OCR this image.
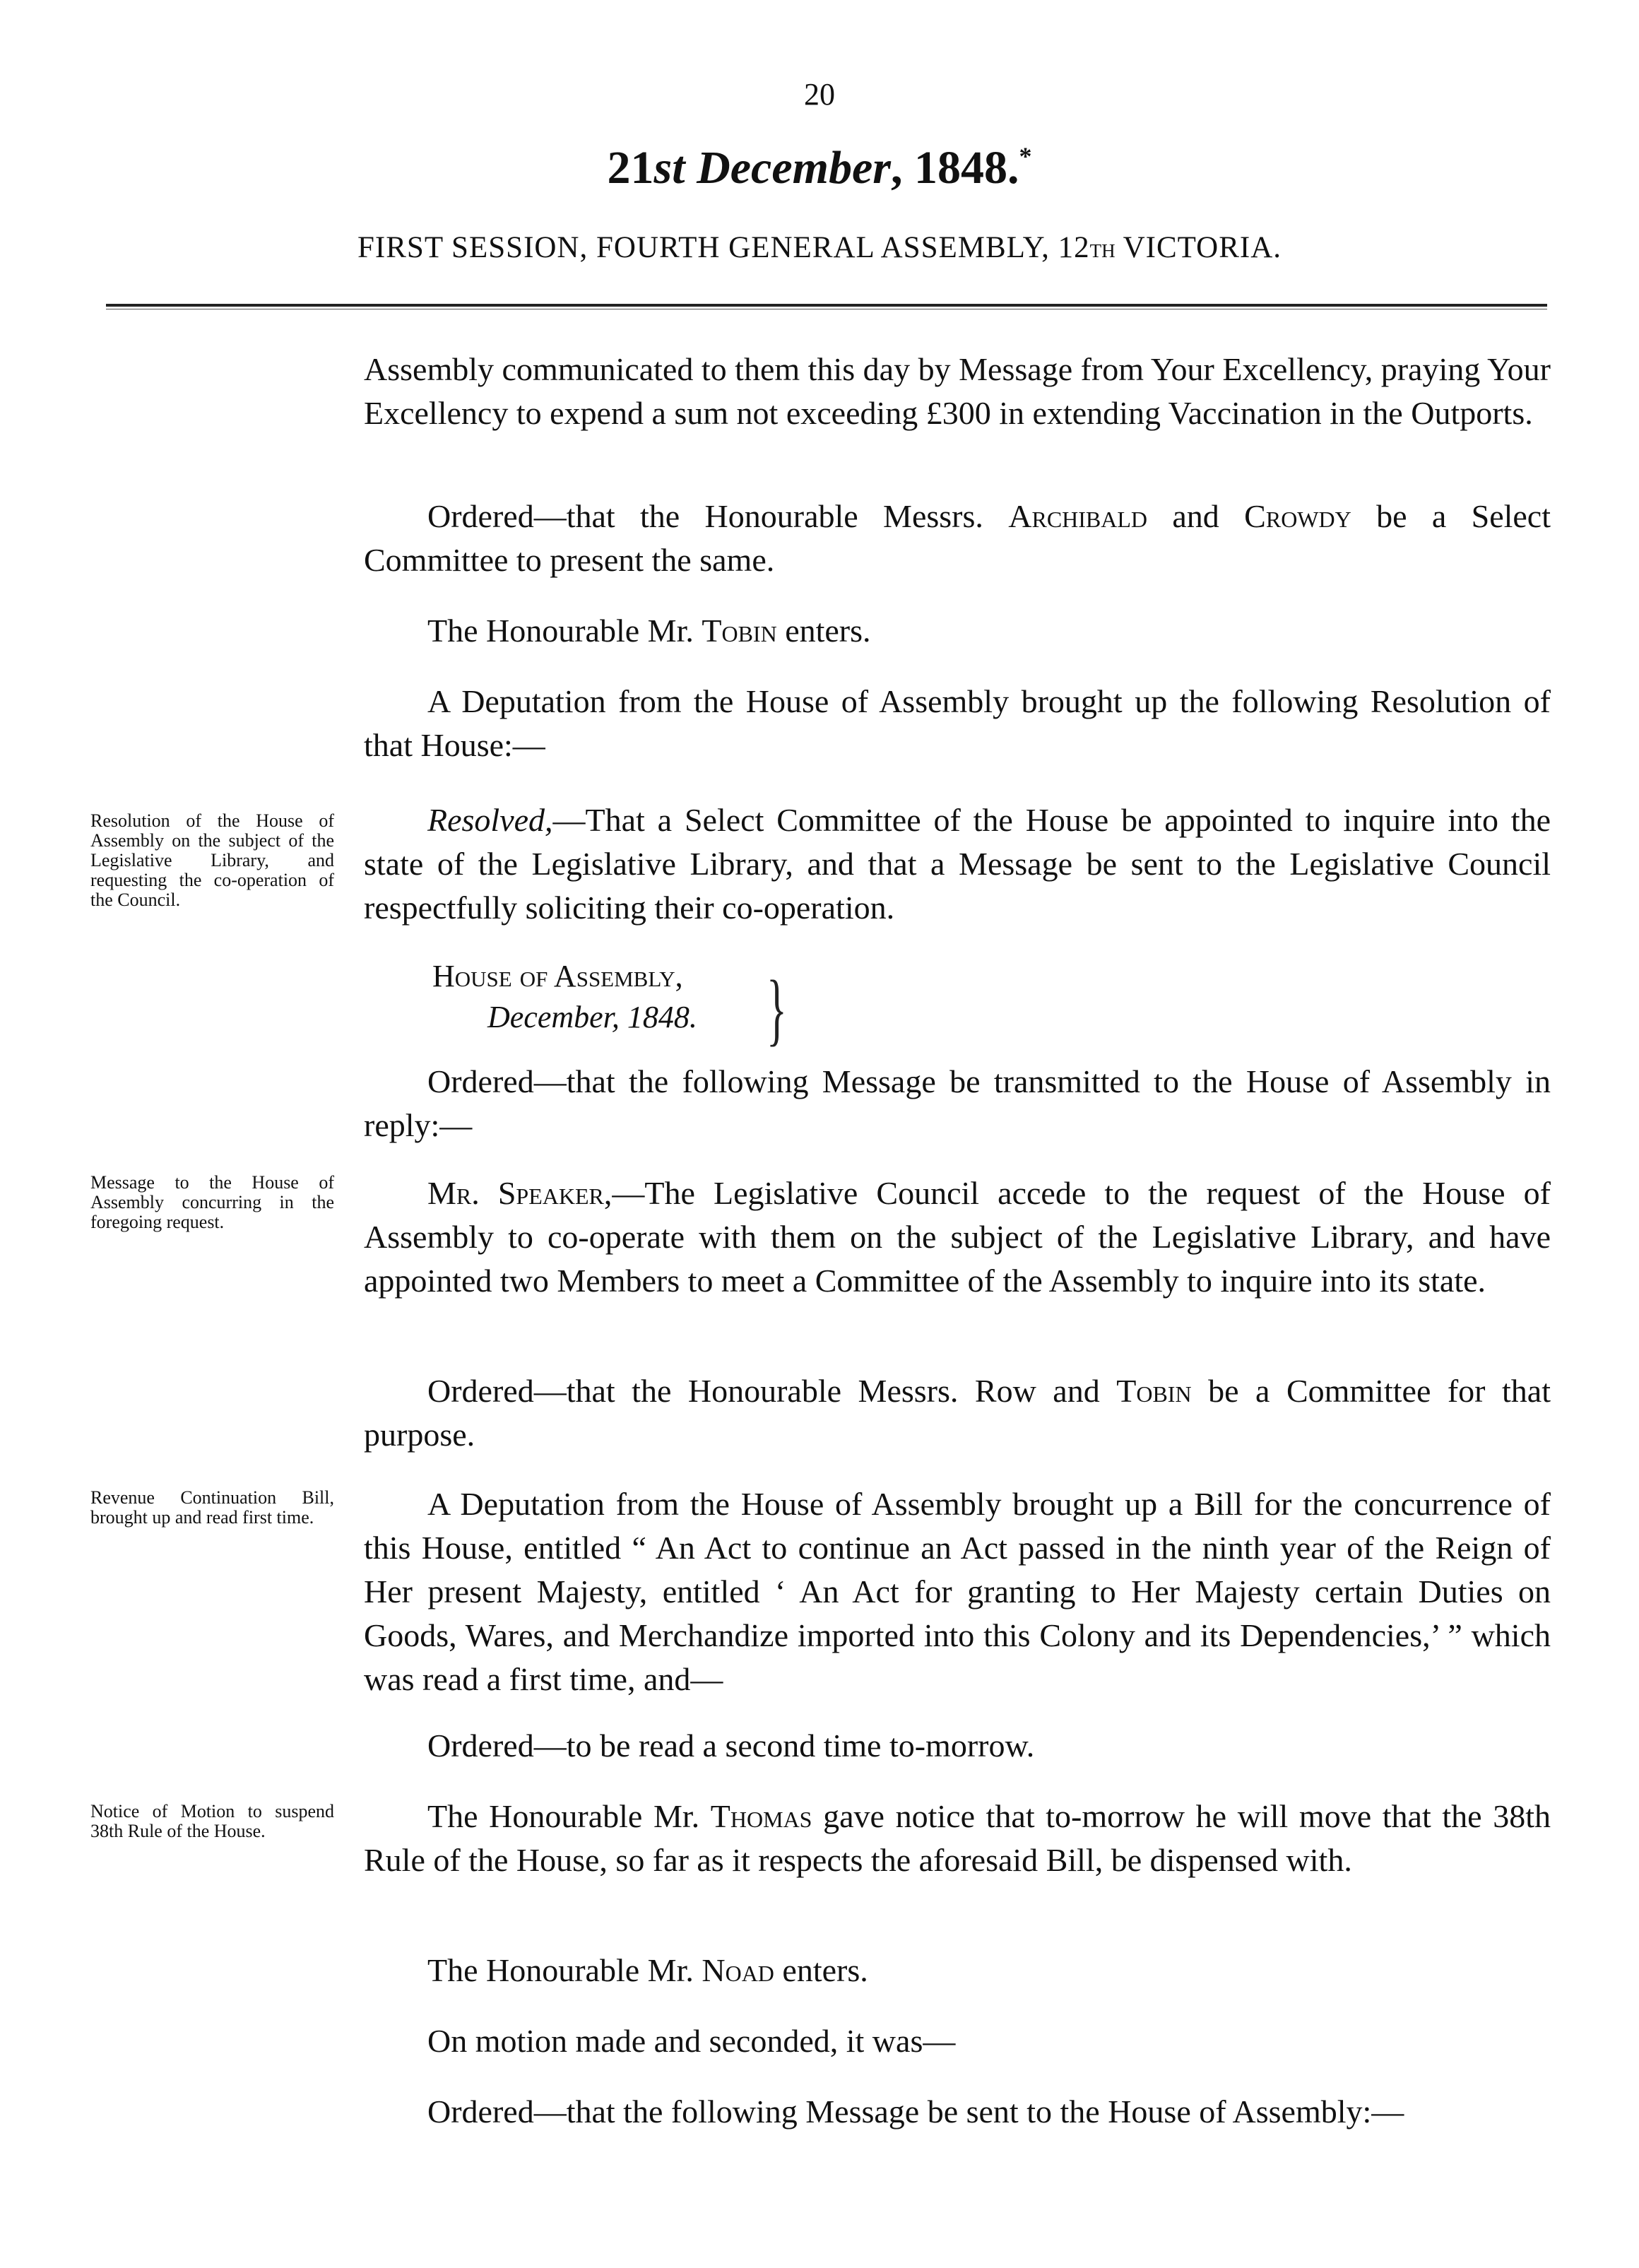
20
21st December, 1848.*
FIRST SESSION, FOURTH GENERAL ASSEMBLY, 12TH VICTORIA.
Assembly communicated to them this day by Message from Your Excellency, praying Your Excellency to expend a sum not exceeding £300 in extending Vaccination in the Outports.
Ordered—that the Honourable Messrs. Archibald and Crowdy be a Select Committee to present the same.
The Honourable Mr. Tobin enters.
A Deputation from the House of Assembly brought up the following Resolution of that House:—
Resolution of the House of Assembly on the subject of the Legislative Library, and requesting the co-operation of the Council.
Resolved,—That a Select Committee of the House be appointed to inquire into the state of the Legislative Library, and that a Message be sent to the Legislative Council respectfully soliciting their co-operation.
House of Assembly,
December, 1848. }
Ordered—that the following Message be transmitted to the House of Assembly in reply:—
Message to the House of Assembly concurring in the foregoing request.
Mr. Speaker,—The Legislative Council accede to the request of the House of Assembly to co-operate with them on the subject of the Legislative Library, and have appointed two Members to meet a Committee of the Assembly to inquire into its state.
Ordered—that the Honourable Messrs. Row and Tobin be a Committee for that purpose.
Revenue Continuation Bill, brought up and read first time.	A Deputation from the House of Assembly brought up a Bill for the concurrence of this House, entitled “ An Act to continue an Act passed in the ninth year of the Reign of Her present Majesty, entitled ‘ An Act for granting to Her Majesty certain Duties on Goods, Wares, and Merchandize imported into this Colony and its Dependencies,’ ” which was read a first time, and—
Ordered—to be read a second time to-morrow.
Notice of Motion to suspend 38th Rule of the House.	The Honourable Mr. Thomas gave notice that to-morrow he will move that the 38th Rule of the House, so far as it respects the aforesaid Bill, be dispensed with.
The Honourable Mr. Noad enters.
On motion made and seconded, it was—
Ordered—that the following Message be sent to the House of Assembly:—
